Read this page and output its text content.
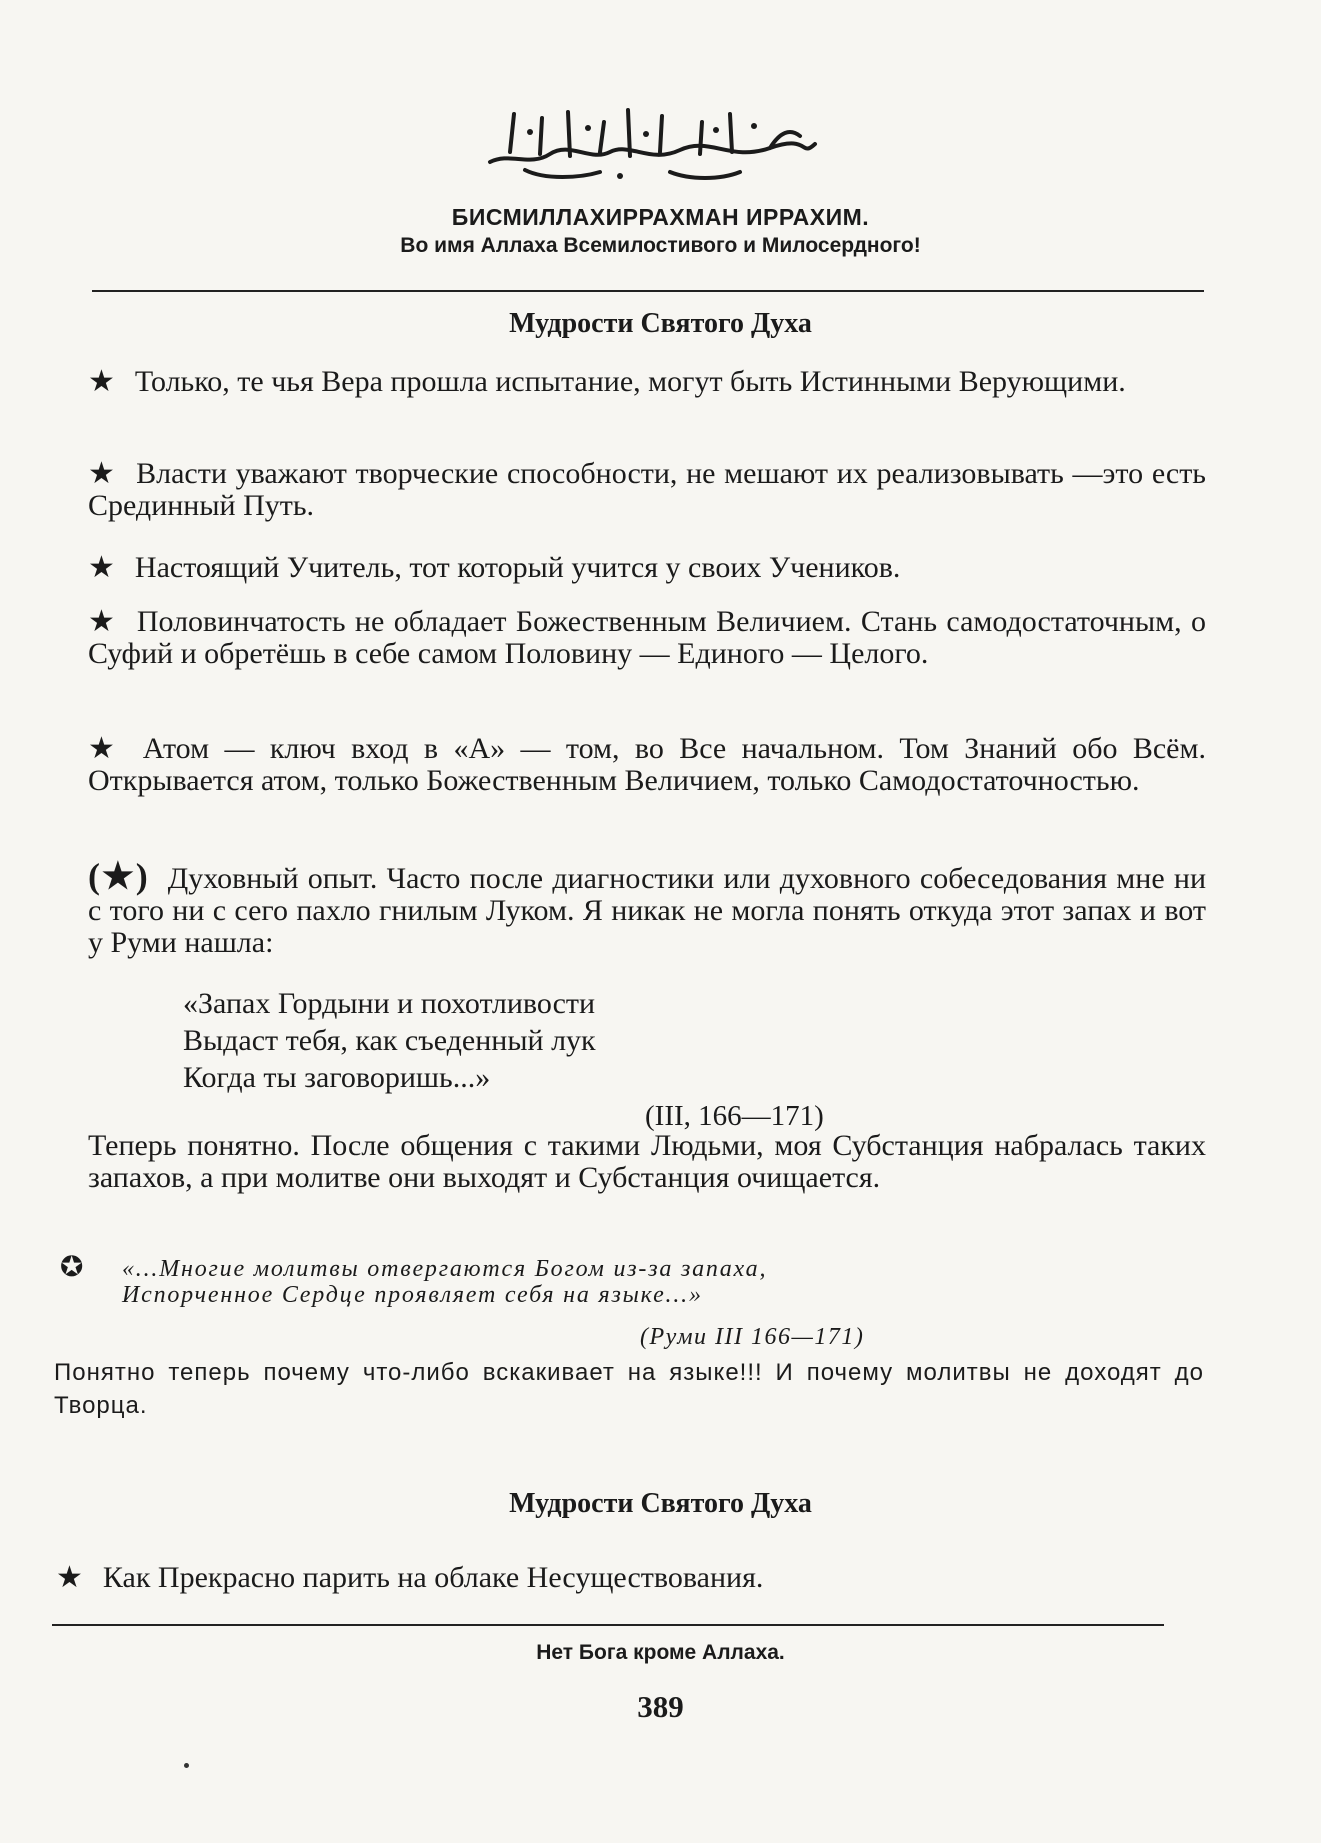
БИСМИЛЛАХИРРАХМАН ИРРАХИМ.
Во имя Аллаха Всемилостивого и Милосердного!
Мудрости Святого Духа
★ Только, те чья Вера прошла испытание, могут быть Истинными Верующими.
★ Власти уважают творческие способности, не мешают их реализовывать —это есть Срединный Путь.
★ Настоящий Учитель, тот который учится у своих Учеников.
★ Половинчатость не обладает Божественным Величием. Стань самодостаточным, о Суфий и обретёшь в себе самом Половину — Единого — Целого.
★ Атом — ключ вход в «А» — том, во Все начальном. Том Знаний обо Всём. Открывается атом, только Божественным Величием, только Самодостаточностью.
(★) Духовный опыт. Часто после диагностики или духовного собеседования мне ни с того ни с сего пахло гнилым Луком. Я никак не могла понять откуда этот запах и вот у Руми нашла:
«Запах Гордыни и похотливости
Выдаст тебя, как съеденный лук
Когда ты заговоришь...»
(III, 166—171)
Теперь понятно. После общения с такими Людьми, моя Субстанция набралась таких запахов, а при молитве они выходят и Субстанция очищается.
✪ «...Многие молитвы отвергаются Богом из-за запаха,
Испорченное Сердце проявляет себя на языке...»
(Руми III 166—171)
Понятно теперь почему что-либо вскакивает на языке!!! И почему молитвы не доходят до Творца.
Мудрости Святого Духа
★ Как Прекрасно парить на облаке Несуществования.
Нет Бога кроме Аллаха.
389
